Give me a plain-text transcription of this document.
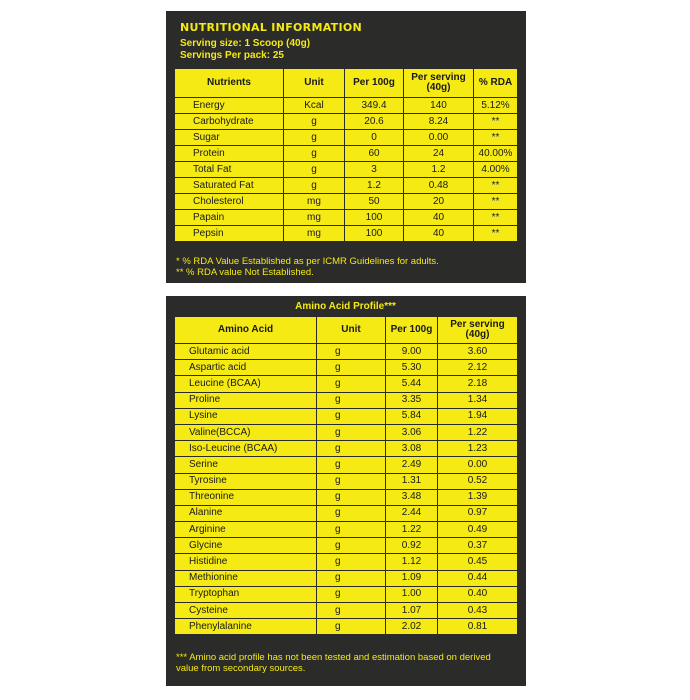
NUTRITIONAL INFORMATION
Serving size: 1 Scoop (40g)
Servings Per pack: 25
* % RDA Value Established as per ICMR Guidelines for adults.
** % RDA value Not Established.
Nutrients	Unit	Per 100g	Per serving (40g)	% RDA
Energy	Kcal	349.4	140	5.12%
Carbohydrate	g	20.6	8.24	**
Sugar	g	0	0.00	**
Protein	g	60	24	40.00%
Total Fat	g	3	1.2	4.00%
Saturated Fat	g	1.2	0.48	**
Cholesterol	mg	50	20	**
Papain	mg	100	40	**
Pepsin	mg	100	40	**
*** Amino acid profile has not been tested and estimation based on derived value from secondary sources.
Amino Acid Profile***
Amino Acid	Unit	Per 100g	Per serving (40g)
Glutamic acid	g	9.00	3.60
Aspartic acid	g	5.30	2.12
Leucine (BCAA)	g	5.44	2.18
Proline	g	3.35	1.34
Lysine	g	5.84	1.94
Valine(BCCA)	g	3.06	1.22
Iso-Leucine (BCAA)	g	3.08	1.23
Serine	g	2.49	0.00
Tyrosine	g	1.31	0.52
Threonine	g	3.48	1.39
Alanine	g	2.44	0.97
Arginine	g	1.22	0.49
Glycine	g	0.92	0.37
Histidine	g	1.12	0.45
Methionine	g	1.09	0.44
Tryptophan	g	1.00	0.40
Cysteine	g	1.07	0.43
Phenylalanine	g	2.02	0.81
